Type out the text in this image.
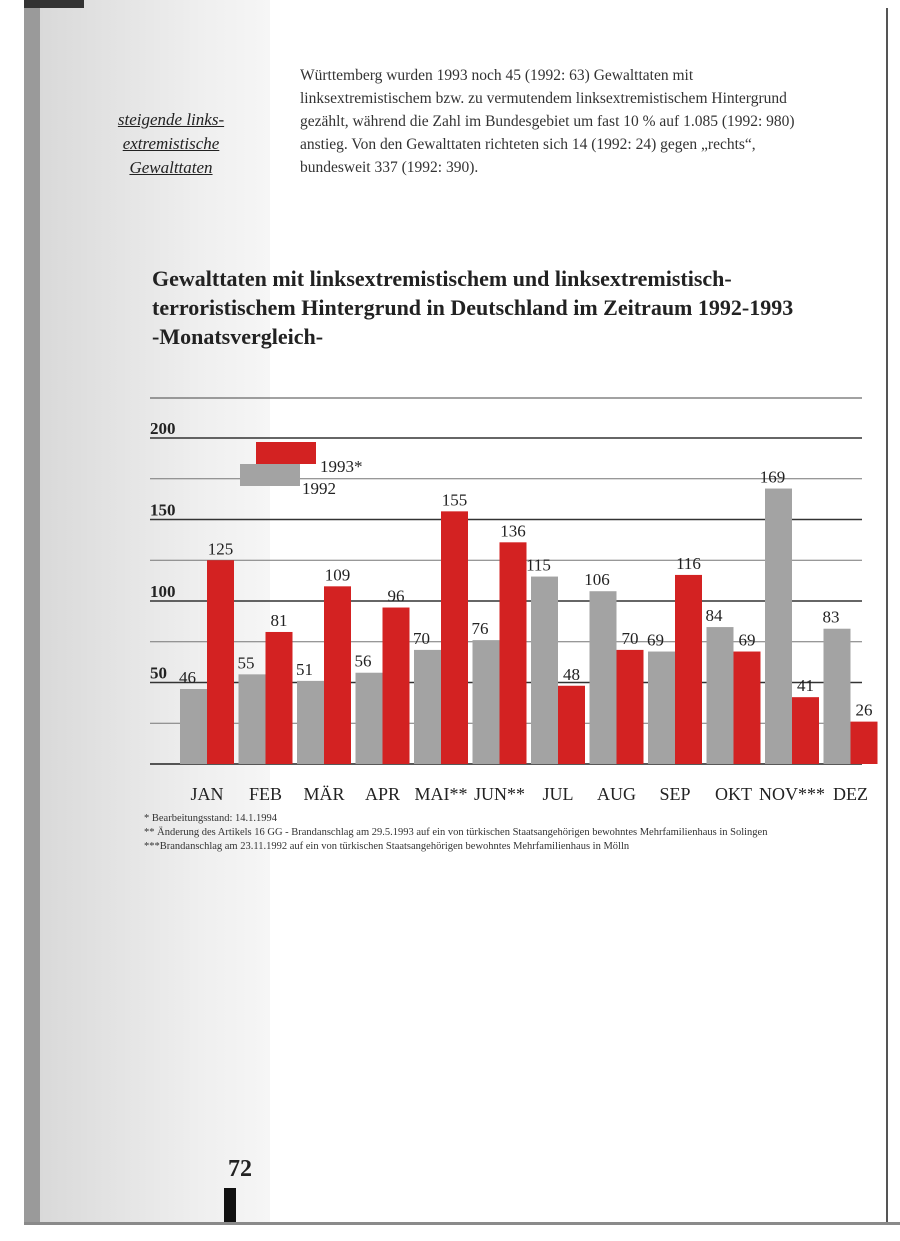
steigende links-
extremistische
Gewalttaten
Württemberg wurden 1993 noch 45 (1992: 63) Gewalttaten mit linksextremistischem bzw. zu vermutendem linksextremistischem Hintergrund gezählt, während die Zahl im Bundesgebiet um fast 10 % auf 1.085 (1992: 980) anstieg. Von den Gewalttaten richteten sich 14 (1992: 24) gegen „rechts“, bundesweit 337 (1992: 390).
Gewalttaten mit linksextremistischem und linksextremistisch-
terroristischem Hintergrund in Deutschland im Zeitraum 1992-1993
-Monatsvergleich-
200
150
100
50 46
55 51 56
70
76
115
106
69
84
169
83
125
81
109
96
155
136
48
70
116
69
41
26
JAN FEB MÄR APR MAI** JUN** JUL AUG SEP OKT NOV*** DEZ
1993*
1992
* Bearbeitungsstand: 14.1.1994
** Änderung des Artikels 16 GG - Brandanschlag am 29.5.1993 auf ein von türkischen Staatsangehörigen bewohntes Mehrfamilienhaus in Solingen
***Brandanschlag am 23.11.1992 auf ein von türkischen Staatsangehörigen bewohntes Mehrfamilienhaus in Mölln
72
